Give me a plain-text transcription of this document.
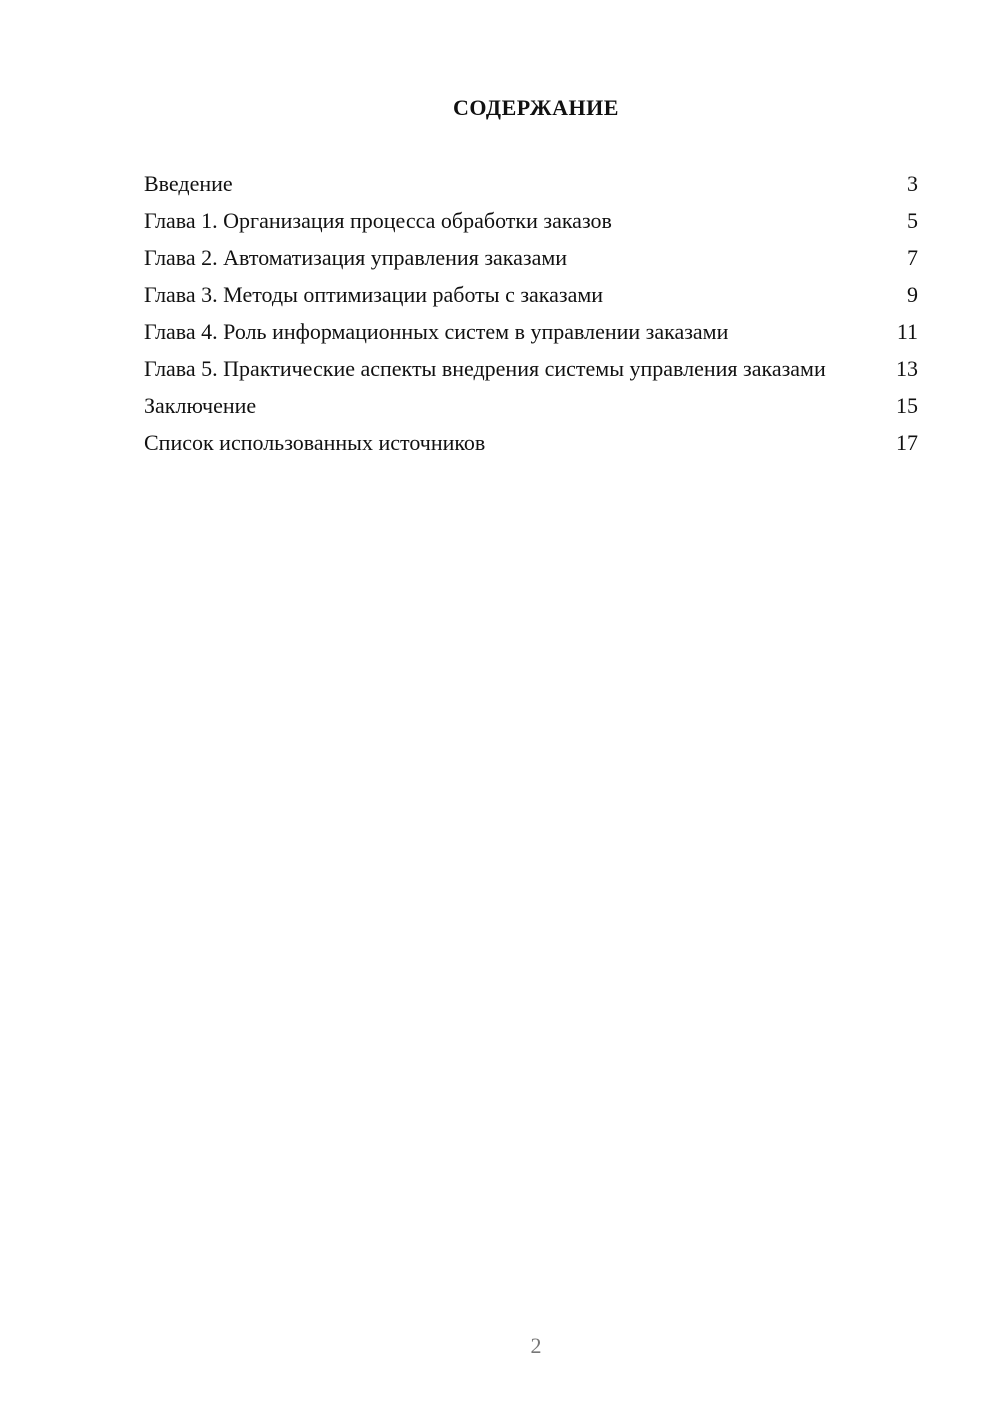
СОДЕРЖАНИЕ
Введение	3
Глава 1. Организация процесса обработки заказов	5
Глава 2. Автоматизация управления заказами	7
Глава 3. Методы оптимизации работы с заказами	9
Глава 4. Роль информационных систем в управлении заказами	11
Глава 5. Практические аспекты внедрения системы управления заказами	13
Заключение	15
Список использованных источников	17
2
